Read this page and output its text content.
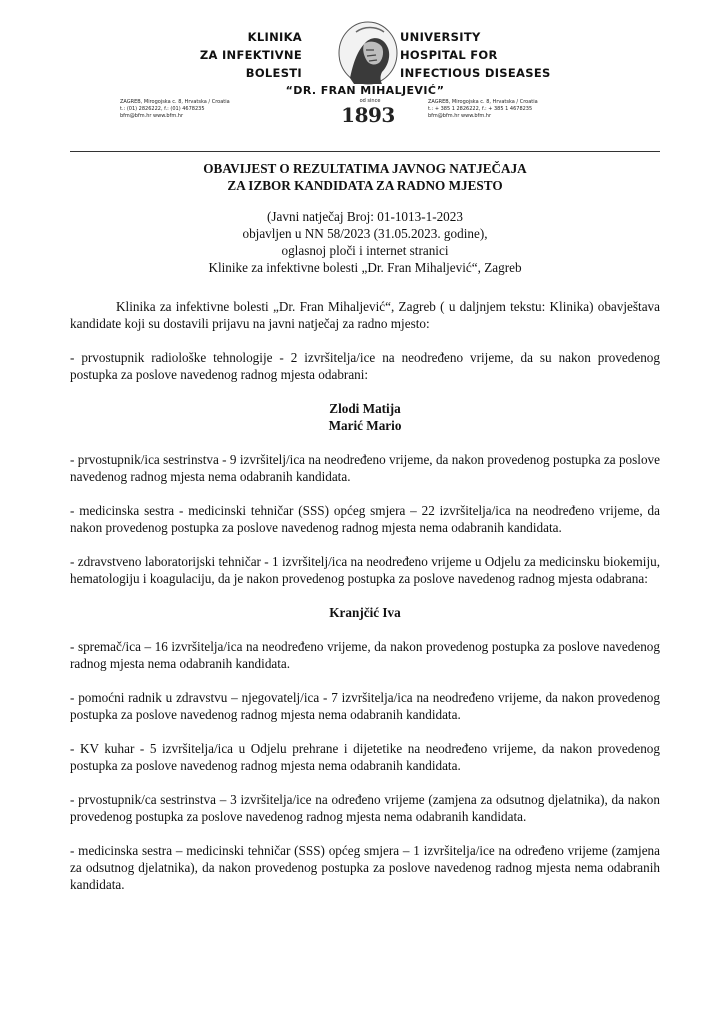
KLINIKA
ZA INFEKTIVNE
BOLESTI
UNIVERSITY
HOSPITAL FOR
INFECTIOUS DISEASES
“DR. FRAN MIHALJEVIĆ”
ZAGREB, Mirogojska c. 8, Hrvatska / Croatia
t.: (01) 2826222, f.: (01) 4678235
bfm@bfm.hr www.bfm.hr
od since
1893
ZAGREB, Mirogojska c. 8, Hrvatska / Croatia
t.: + 385 1 2826222, f.: + 385 1 4678235
bfm@bfm.hr www.bfm.hr
OBAVIJEST O REZULTATIMA JAVNOG NATJEČAJA
ZA IZBOR KANDIDATA ZA RADNO MJESTO
(Javni natječaj Broj: 01-1013-1-2023
objavljen u NN 58/2023 (31.05.2023. godine),
oglasnoj ploči i internet stranici
Klinike za infektivne bolesti „Dr. Fran Mihaljević“, Zagreb

Klinika za infektivne bolesti „Dr. Fran Mihaljević“, Zagreb ( u daljnjem tekstu: Klinika) obavještava kandidate koji su dostavili prijavu na javni natječaj za radno mjesto:

- prvostupnik radiološke tehnologije - 2 izvršitelja/ice na neodređeno vrijeme, da su nakon provedenog postupka za poslove navedenog radnog mjesta odabrani:

Zlodi Matija
Marić Mario

- prvostupnik/ica sestrinstva - 9 izvršitelj/ica na neodređeno vrijeme, da nakon provedenog postupka za poslove navedenog radnog mjesta nema odabranih kandidata.

- medicinska sestra - medicinski tehničar (SSS) općeg smjera – 22 izvršitelja/ica na neodređeno vrijeme, da nakon provedenog postupka za poslove navedenog radnog mjesta nema odabranih kandidata.

- zdravstveno laboratorijski tehničar - 1 izvršitelj/ica na neodređeno vrijeme u Odjelu za medicinsku biokemiju, hematologiju i koagulaciju, da je nakon provedenog postupka za poslove navedenog radnog mjesta odabrana:

Kranjčić Iva

- spremač/ica – 16 izvršitelja/ica na neodređeno vrijeme, da nakon provedenog postupka za poslove navedenog radnog mjesta nema odabranih kandidata.

- pomoćni radnik u zdravstvu – njegovatelj/ica - 7 izvršitelja/ica na neodređeno vrijeme, da nakon provedenog postupka za poslove navedenog radnog mjesta nema odabranih kandidata.

- KV kuhar - 5 izvršitelja/ica u Odjelu prehrane i dijetetike na neodređeno vrijeme, da nakon provedenog postupka za poslove navedenog radnog mjesta nema odabranih kandidata.

- prvostupnik/ca sestrinstva – 3 izvršitelja/ice na određeno vrijeme (zamjena za odsutnog djelatnika), da nakon provedenog postupka za poslove navedenog radnog mjesta nema odabranih kandidata.

- medicinska sestra – medicinski tehničar (SSS) općeg smjera – 1 izvršitelja/ice na određeno vrijeme (zamjena za odsutnog djelatnika), da nakon provedenog postupka za poslove navedenog radnog mjesta nema odabranih kandidata.
